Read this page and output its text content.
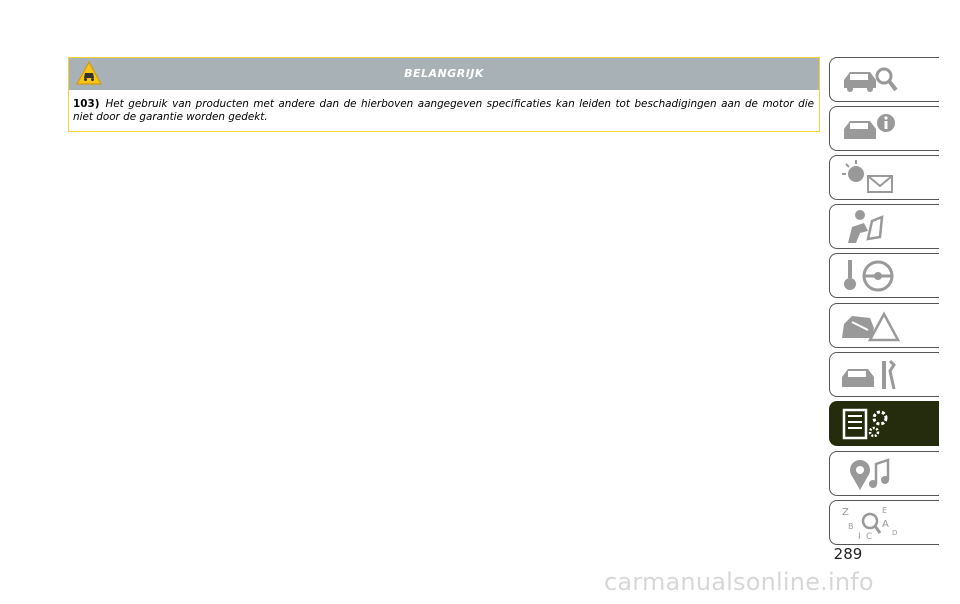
BELANGRIJK
103) Het gebruik van producten met andere dan de hierboven aangegeven specificaties kan leiden tot beschadigingen aan de motor die niet door de garantie worden gedekt.
Z	E
B	A
I C	D
289
carmanualsonline.info
